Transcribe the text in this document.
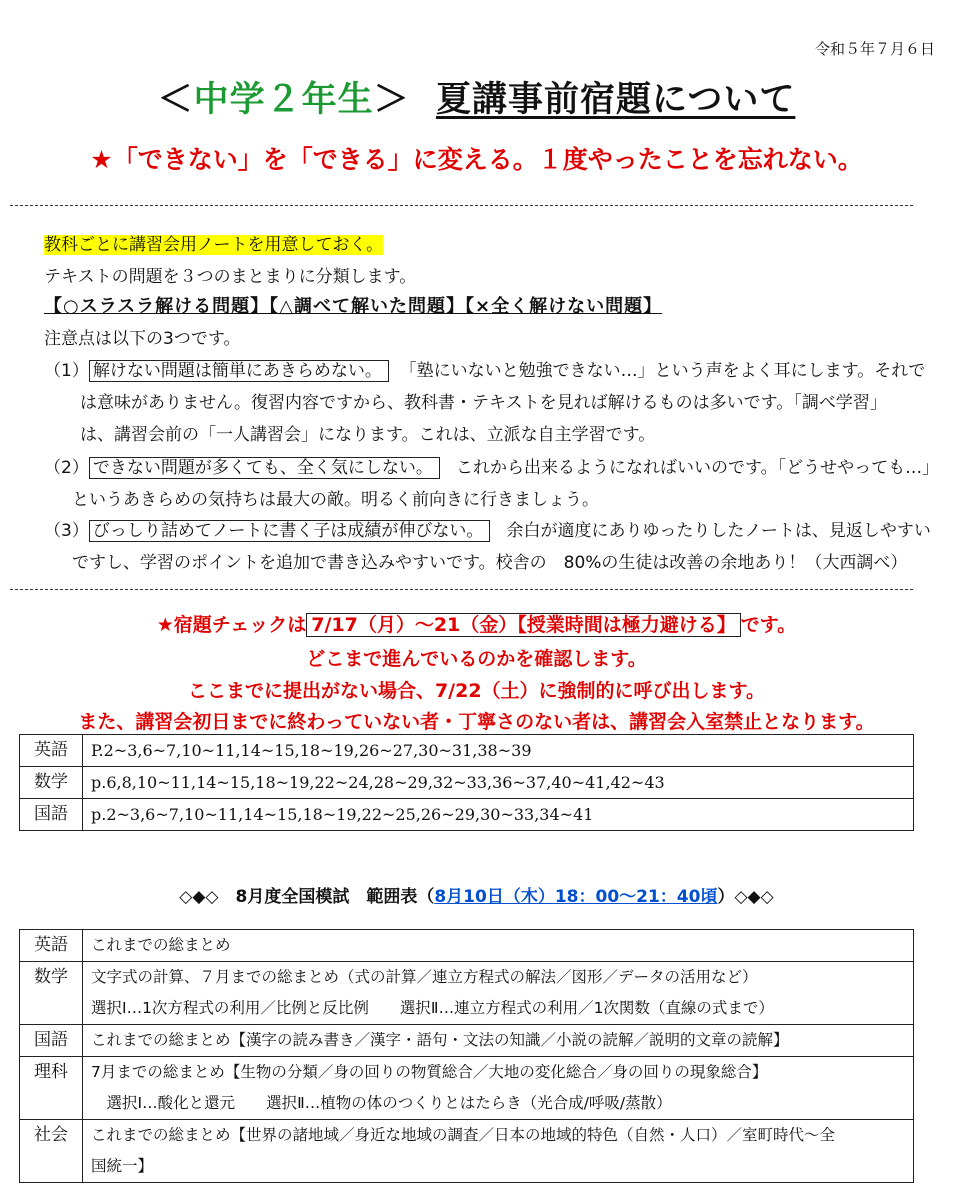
令和５年７月６日
＜中学２年生＞ 夏講事前宿題について
★「できない」を「できる」に変える。１度やったことを忘れない。
教科ごとに講習会用ノートを用意しておく。
テキストの問題を３つのまとまりに分類します。
【○スラスラ解ける問題】【△調べて解いた問題】【×全く解けない問題】
注意点は以下の3つです。
（1） 解けない問題は簡単にあきらめない。 「塾にいないと勉強できない…」という声をよく耳にします。それで
は意味がありません。復習内容ですから、教科書・テキストを見れば解けるものは多いです。「調べ学習」
は、講習会前の「一人講習会」になります。これは、立派な自主学習です。
（2） できない問題が多くても、全く気にしない。 これから出来るようになればいいのです。「どうせやっても…」
というあきらめの気持ちは最大の敵。明るく前向きに行きましょう。
（3） びっしり詰めてノートに書く子は成績が伸びない。 余白が適度にありゆったりしたノートは、見返しやすい
ですし、学習のポイントを追加で書き込みやすいです。校舎の　80%の生徒は改善の余地あり！（大西調べ）
★宿題チェックは 7/17（月）～21（金）【授業時間は極力避ける】 です。
どこまで進んでいるのかを確認します。
ここまでに提出がない場合、7/22（土）に強制的に呼び出します。
また、講習会初日までに終わっていない者・丁寧さのない者は、講習会入室禁止となります。
英語	P.2~3,6~7,10~11,14~15,18~19,26~27,30~31,38~39
数学	p.6,8,10~11,14~15,18~19,22~24,28~29,32~33,36~37,40~41,42~43
国語	p.2~3,6~7,10~11,14~15,18~19,22~25,26~29,30~33,34~41
◇◆◇　8月度全国模試　範囲表（8月10日（木）18：00～21：40頃）◇◆◇
英語	これまでの総まとめ

数学	文字式の計算、７月までの総まとめ（式の計算／連立方程式の解法／図形／データの活用など）
選択Ⅰ…1次方程式の利用／比例と反比例　　選択Ⅱ…連立方程式の利用／1次関数（直線の式まで）

国語	これまでの総まとめ【漢字の読み書き／漢字・語句・文法の知識／小説の読解／説明的文章の読解】

理科	7月までの総まとめ【生物の分類／身の回りの物質総合／大地の変化総合／身の回りの現象総合】
　選択Ⅰ…酸化と還元　　選択Ⅱ…植物の体のつくりとはたらき（光合成/呼吸/蒸散）

社会	これまでの総まとめ【世界の諸地域／身近な地域の調査／日本の地域的特色（自然・人口）／室町時代～全
国統一】
